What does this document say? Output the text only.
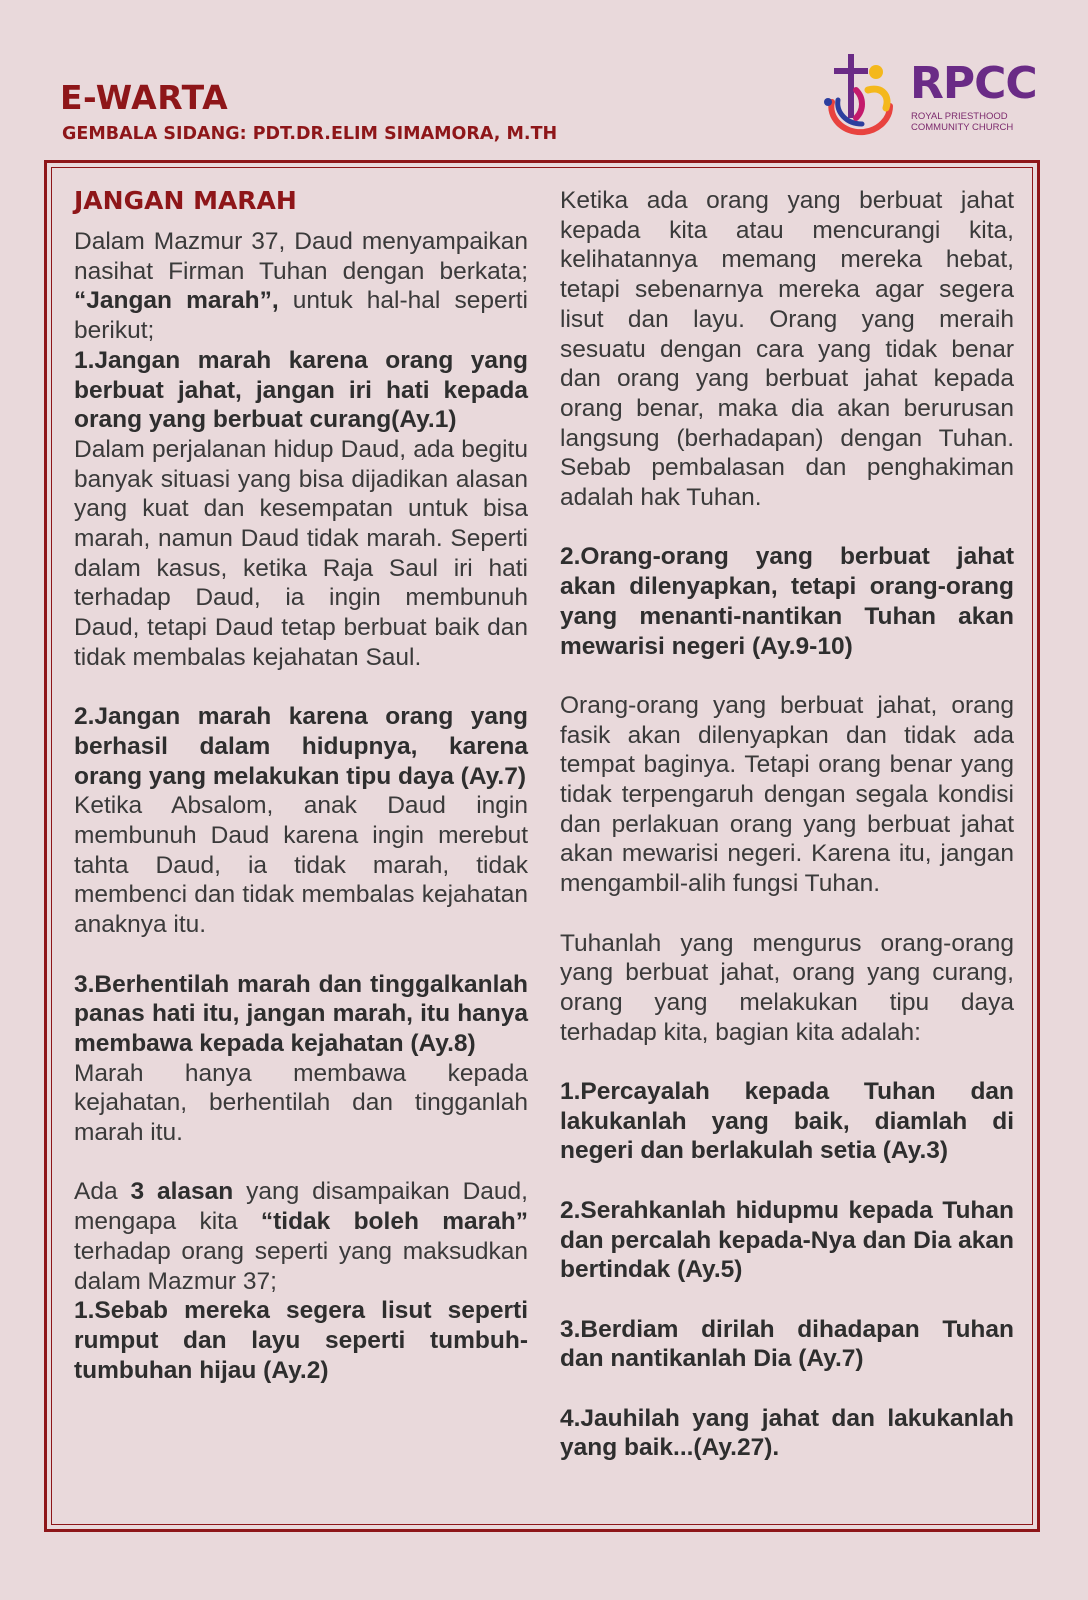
E-WARTA
GEMBALA SIDANG: PDT.DR.ELIM SIMAMORA, M.TH
RPCC
ROYAL PRIESTHOOD
COMMUNITY CHURCH
JANGAN MARAH

Dalam Mazmur 37, Daud menyampaikan nasihat Firman Tuhan dengan berkata; “Jangan marah”, untuk hal-hal seperti berikut;

1.Jangan marah karena orang yang berbuat jahat, jangan iri hati kepada orang yang berbuat curang(Ay.1)

Dalam perjalanan hidup Daud, ada begitu banyak situasi yang bisa dijadikan alasan yang kuat dan kesempatan untuk bisa marah, namun Daud tidak marah. Seperti dalam kasus, ketika Raja Saul iri hati terhadap Daud, ia ingin membunuh Daud, tetapi Daud tetap berbuat baik dan tidak membalas kejahatan Saul.

2.Jangan marah karena orang yang berhasil dalam hidupnya, karena orang yang melakukan tipu daya (Ay.7)

Ketika Absalom, anak Daud ingin membunuh Daud karena ingin merebut tahta Daud, ia tidak marah, tidak membenci dan tidak membalas kejahatan anaknya itu.

3.Berhentilah marah dan tinggalkanlah panas hati itu, jangan marah, itu hanya membawa kepada kejahatan (Ay.8)

Marah hanya membawa kepada kejahatan, berhentilah dan tingganlah marah itu.

Ada 3 alasan yang disampaikan Daud, mengapa kita “tidak boleh marah” terhadap orang seperti yang maksudkan dalam Mazmur 37;

1.Sebab mereka segera lisut seperti rumput dan layu seperti tumbuh-tumbuhan hijau (Ay.2)

Ketika ada orang yang berbuat jahat kepada kita atau mencurangi kita, kelihatannya memang mereka hebat, tetapi sebenarnya mereka agar segera lisut dan layu. Orang yang meraih sesuatu dengan cara yang tidak benar dan orang yang berbuat jahat kepada orang benar, maka dia akan berurusan langsung (berhadapan) dengan Tuhan. Sebab pembalasan dan penghakiman adalah hak Tuhan.

2.Orang-orang yang berbuat jahat akan dilenyapkan, tetapi orang-orang yang menanti-nantikan Tuhan akan mewarisi negeri (Ay.9-10)

Orang-orang yang berbuat jahat, orang fasik akan dilenyapkan dan tidak ada tempat baginya. Tetapi orang benar yang tidak terpengaruh dengan segala kondisi dan perlakuan orang yang berbuat jahat akan mewarisi negeri. Karena itu, jangan mengambil-alih fungsi Tuhan.

Tuhanlah yang mengurus orang-orang yang berbuat jahat, orang yang curang, orang yang melakukan tipu daya terhadap kita, bagian kita adalah:

1.Percayalah kepada Tuhan dan lakukanlah yang baik, diamlah di negeri dan berlakulah setia (Ay.3)

2.Serahkanlah hidupmu kepada Tuhan dan percalah kepada-Nya dan Dia akan bertindak (Ay.5)

3.Berdiam dirilah dihadapan Tuhan dan nantikanlah Dia (Ay.7)

4.Jauhilah yang jahat dan lakukanlah yang baik...(Ay.27).
